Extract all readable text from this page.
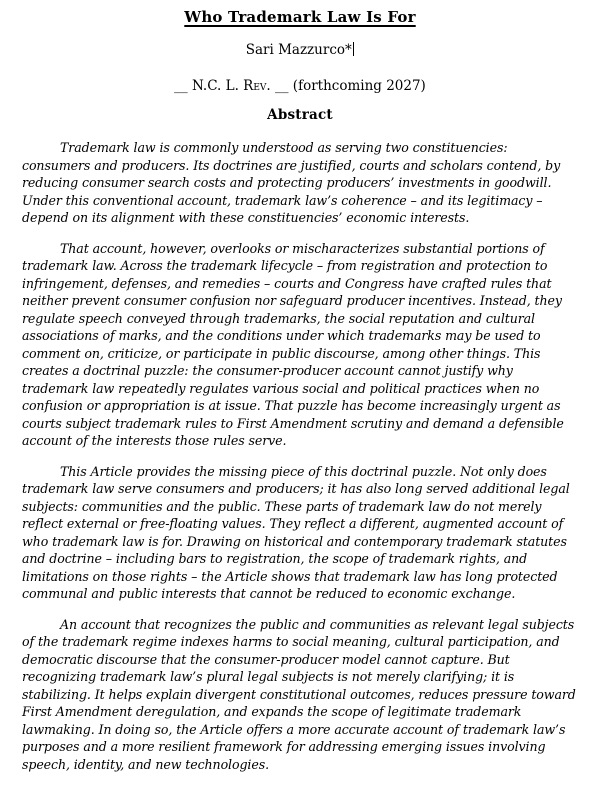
Who Trademark Law Is For
Sari Mazzurco*
__ N.C. L. Rev. __ (forthcoming 2027)
Abstract

Trademark law is commonly understood as serving two constituencies: consumers and producers. Its doctrines are justified, courts and scholars contend, by reducing consumer search costs and protecting producers’ investments in goodwill. Under this conventional account, trademark law’s coherence – and its legitimacy – depend on its alignment with these constituencies’ economic interests.

That account, however, overlooks or mischaracterizes substantial portions of trademark law. Across the trademark lifecycle – from registration and protection to infringement, defenses, and remedies – courts and Congress have crafted rules that neither prevent consumer confusion nor safeguard producer incentives. Instead, they regulate speech conveyed through trademarks, the social reputation and cultural associations of marks, and the conditions under which trademarks may be used to comment on, criticize, or participate in public discourse, among other things. This creates a doctrinal puzzle: the consumer-producer account cannot justify why trademark law repeatedly regulates various social and political practices when no confusion or appropriation is at issue. That puzzle has become increasingly urgent as courts subject trademark rules to First Amendment scrutiny and demand a defensible account of the interests those rules serve.

This Article provides the missing piece of this doctrinal puzzle. Not only does trademark law serve consumers and producers; it has also long served additional legal subjects: communities and the public. These parts of trademark law do not merely reflect external or free-floating values. They reflect a different, augmented account of who trademark law is for. Drawing on historical and contemporary trademark statutes and doctrine – including bars to registration, the scope of trademark rights, and limitations on those rights – the Article shows that trademark law has long protected communal and public interests that cannot be reduced to economic exchange.

An account that recognizes the public and communities as relevant legal subjects of the trademark regime indexes harms to social meaning, cultural participation, and democratic discourse that the consumer-producer model cannot capture. But recognizing trademark law’s plural legal subjects is not merely clarifying; it is stabilizing. It helps explain divergent constitutional outcomes, reduces pressure toward First Amendment deregulation, and expands the scope of legitimate trademark lawmaking. In doing so, the Article offers a more accurate account of trademark law’s purposes and a more resilient framework for addressing emerging issues involving speech, identity, and new technologies.
